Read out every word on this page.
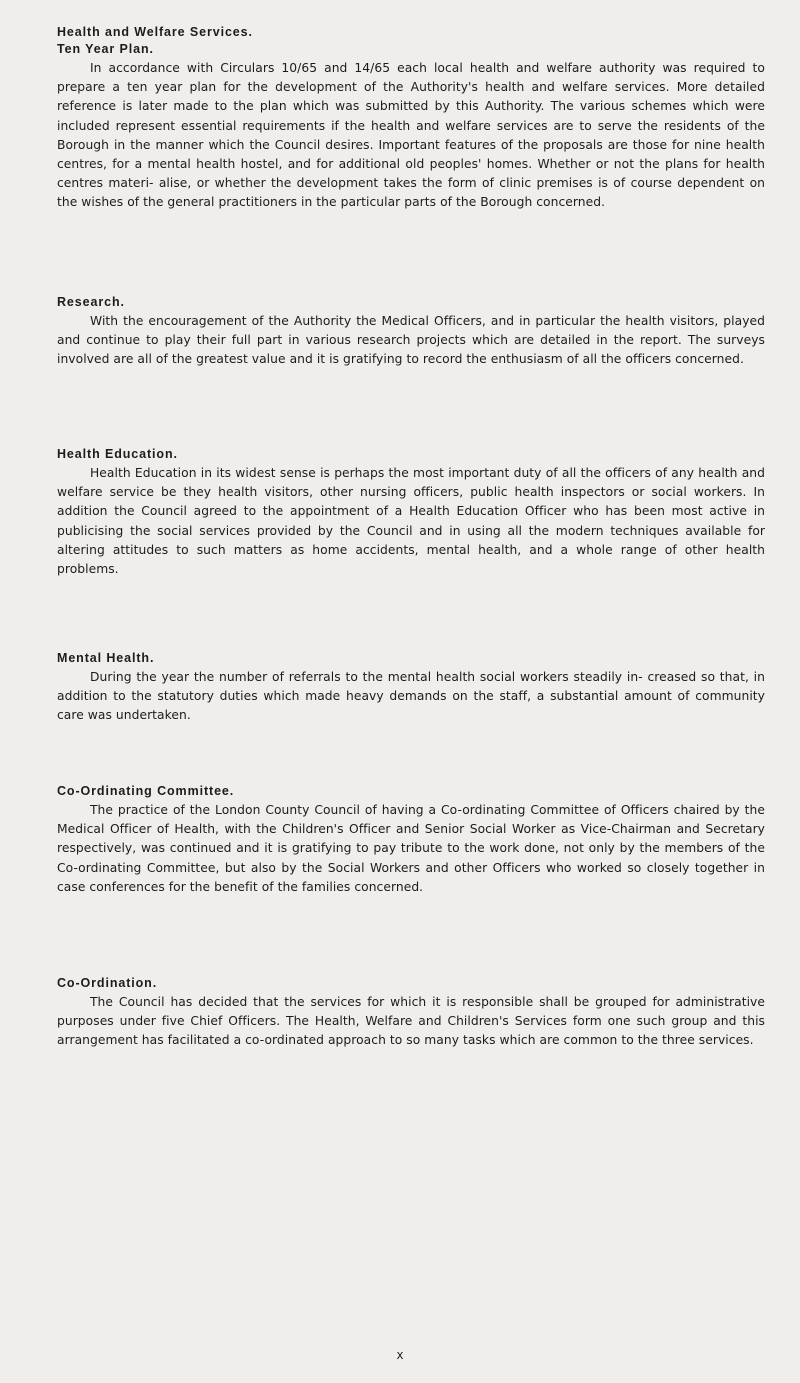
Health and Welfare Services.

Ten Year Plan.

In accordance with Circulars 10/65 and 14/65 each local health and welfare authority was required to prepare a ten year plan for the development of the Authority's health and welfare services. More detailed reference is later made to the plan which was submitted by this Authority. The various schemes which were included represent essential requirements if the health and welfare services are to serve the residents of the Borough in the manner which the Council desires. Important features of the proposals are those for nine health centres, for a mental health hostel, and for additional old peoples' homes. Whether or not the plans for health centres materi- alise, or whether the development takes the form of clinic premises is of course dependent on the wishes of the general practitioners in the particular parts of the Borough concerned.

Research.

With the encouragement of the Authority the Medical Officers, and in particular the health visitors, played and continue to play their full part in various research projects which are detailed in the report. The surveys involved are all of the greatest value and it is gratifying to record the enthusiasm of all the officers concerned.

Health Education.

Health Education in its widest sense is perhaps the most important duty of all the officers of any health and welfare service be they health visitors, other nursing officers, public health inspectors or social workers. In addition the Council agreed to the appointment of a Health Education Officer who has been most active in publicising the social services provided by the Council and in using all the modern techniques available for altering attitudes to such matters as home accidents, mental health, and a whole range of other health problems.

Mental Health.

During the year the number of referrals to the mental health social workers steadily in- creased so that, in addition to the statutory duties which made heavy demands on the staff, a substantial amount of community care was undertaken.

Co-Ordinating Committee.

The practice of the London County Council of having a Co-ordinating Committee of Officers chaired by the Medical Officer of Health, with the Children's Officer and Senior Social Worker as Vice-Chairman and Secretary respectively, was continued and it is gratifying to pay tribute to the work done, not only by the members of the Co-ordinating Committee, but also by the Social Workers and other Officers who worked so closely together in case conferences for the benefit of the families concerned.

Co-Ordination.

The Council has decided that the services for which it is responsible shall be grouped for administrative purposes under five Chief Officers. The Health, Welfare and Children's Services form one such group and this arrangement has facilitated a co-ordinated approach to so many tasks which are common to the three services.

x
